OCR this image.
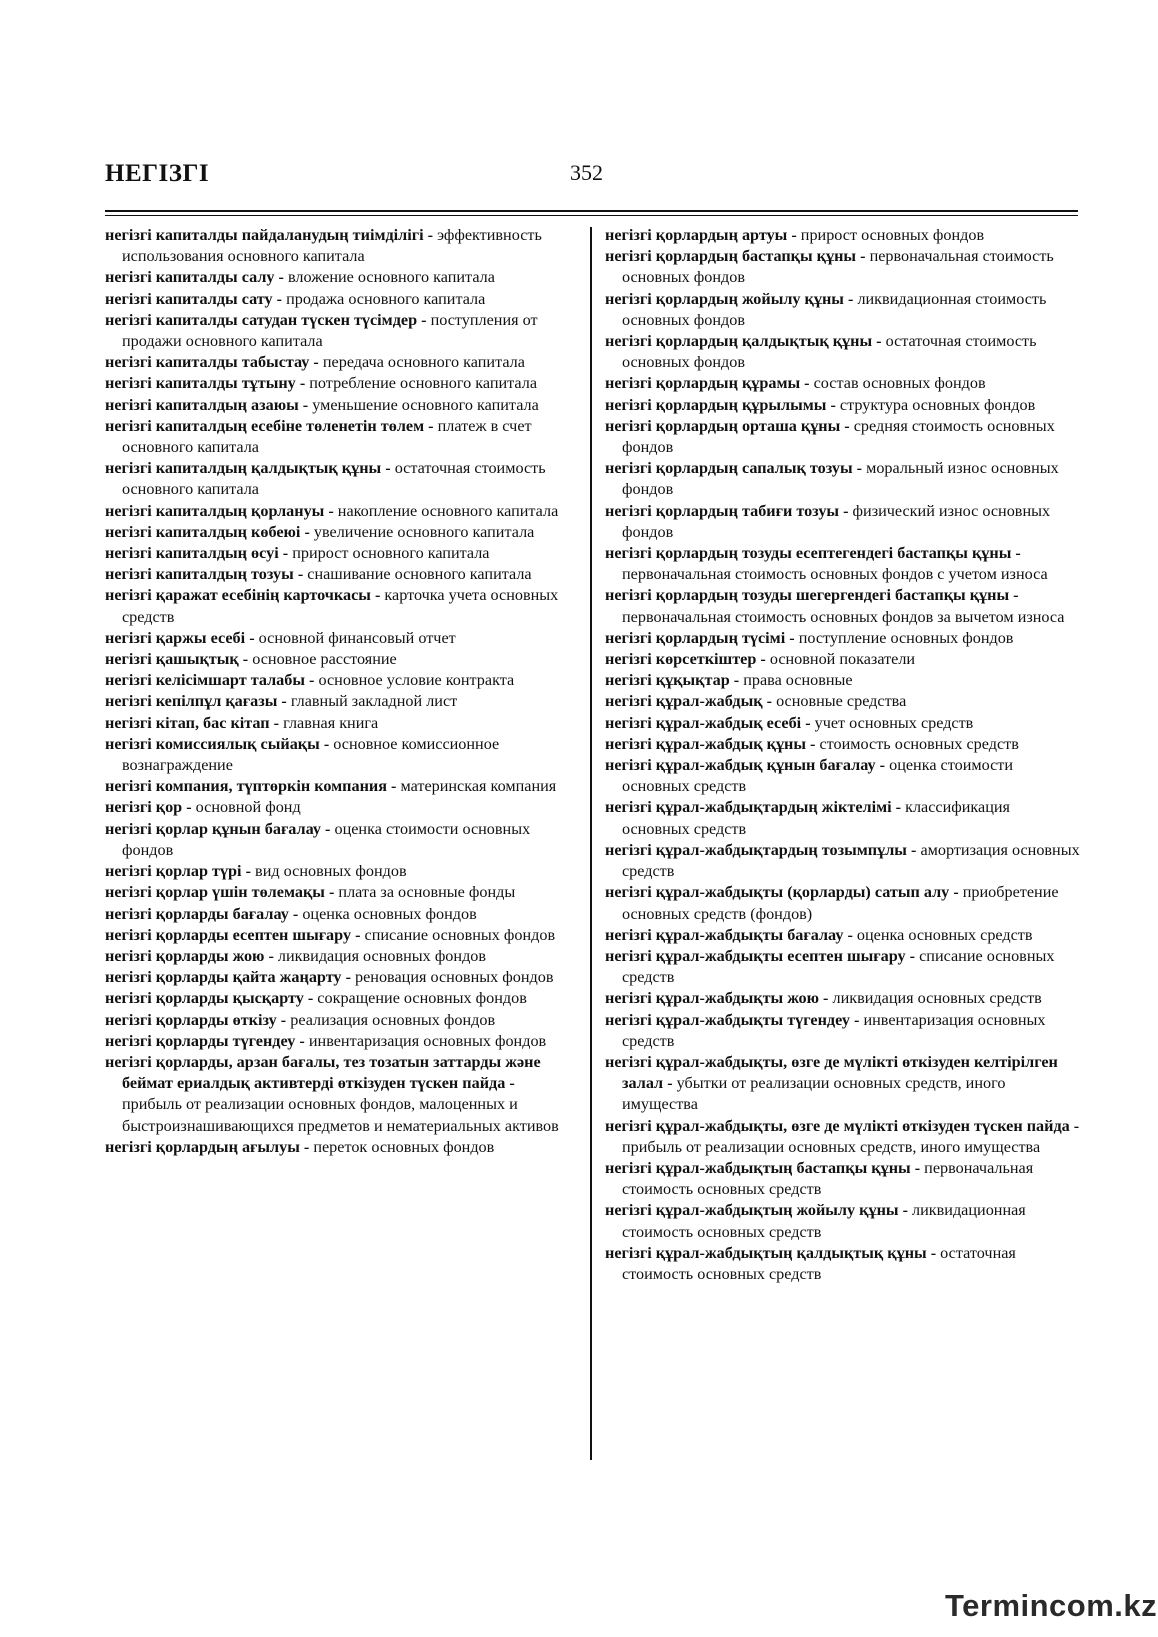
НЕГІЗГІ	352

негізгі капиталды пайдаланудың тиімділігі - эффективность использования основного капитала

негізгі капиталды салу - вложение основного капитала

негізгі капиталды сату - продажа основного капитала

негізгі капиталды сатудан түскен түсімдер - поступления от продажи основного капитала

негізгі капиталды табыстау - передача основного капитала

негізгі капиталды тұтыну - потребление основного капитала

негізгі капиталдың азаюы - уменьшение основного капитала

негізгі капиталдың есебіне төленетін төлем - платеж в счет основного капитала

негізгі капиталдың қалдықтық құны - остаточная стоимость основного капитала

негізгі капиталдың қорлануы - накопление основного капитала

негізгі капиталдың көбеюі - увеличение основного капитала

негізгі капиталдың өсуі - прирост основного капитала

негізгі капиталдың тозуы - снашивание основного капитала

негізгі қаражат есебінің карточкасы - карточка учета основных средств

негізгі қаржы есебі - основной финансовый отчет

негізгі қашықтық - основное расстояние

негізгі келісімшарт талабы - основное условие контракта

негізгі кепілпұл қағазы - главный закладной лист

негізгі кітап, бас кітап - главная книга

негізгі комиссиялық сыйақы - основное комиссионное вознаграждение

негізгі компания, түптөркін компания - материнская компания

негізгі қор - основной фонд

негізгі қорлар құнын бағалау - оценка стоимости основных фондов

негізгі қорлар түрі - вид основных фондов

негізгі қорлар үшін төлемақы - плата за основные фонды

негізгі қорларды бағалау - оценка основных фондов

негізгі қорларды есептен шығару - списание основных фондов

негізгі қорларды жою - ликвидация основных фондов

негізгі қорларды қайта жаңарту - реновация основных фондов

негізгі қорларды қысқарту - сокращение основных фондов

негізгі қорларды өткізу - реализация основных фондов

негізгі қорларды түгендеу - инвентаризация основных фондов

негізгі қорларды, арзан бағалы, тез тозатын заттарды және беймат ериалдық активтерді өткізуден түскен пайда - прибыль от реализации основных фондов, малоценных и быстроизнашивающихся предметов и нематериальных активов

негізгі қорлардың ағылуы - переток основных фондов

негізгі қорлардың артуы - прирост основных фондов

негізгі қорлардың бастапқы құны - первоначальная стоимость основных фондов

негізгі қорлардың жойылу құны - ликвидационная стоимость основных фондов

негізгі қорлардың қалдықтық құны - остаточная стоимость основных фондов

негізгі қорлардың құрамы - состав основных фондов

негізгі қорлардың құрылымы - структура основных фондов

негізгі қорлардың орташа құны - средняя стоимость основных фондов

негізгі қорлардың сапалық тозуы - моральный износ основных фондов

негізгі қорлардың табиғи тозуы - физический износ основных фондов

негізгі қорлардың тозуды есептегендегі бастапқы құны - первоначальная стоимость основных фондов с учетом износа

негізгі қорлардың тозуды шегергендегі бастапқы құны - первоначальная стоимость основных фондов за вычетом износа

негізгі қорлардың түсімі - поступление основных фондов

негізгі көрсеткіштер - основной показатели

негізгі құқықтар - права основные

негізгі құрал-жабдық - основные средства

негізгі құрал-жабдық есебі - учет основных средств

негізгі құрал-жабдық құны - стоимость основных средств

негізгі құрал-жабдық құнын бағалау - оценка стоимости основных средств

негізгі құрал-жабдықтардың жіктелімі - классификация основных средств

негізгі құрал-жабдықтардың тозымпұлы - амортизация основных средств

негізгі құрал-жабдықты (қорларды) сатып алу - приобретение основных средств (фондов)

негізгі құрал-жабдықты бағалау - оценка основных средств

негізгі құрал-жабдықты есептен шығару - списание основных средств

негізгі құрал-жабдықты жою - ликвидация основных средств

негізгі құрал-жабдықты түгендеу - инвентаризация основных средств

негізгі құрал-жабдықты, өзге де мүлікті өткізуден келтірілген залал - убытки от реализации основных средств, иного имущества

негізгі құрал-жабдықты, өзге де мүлікті өткізуден түскен пайда - прибыль от реализации основных средств, иного имущества

негізгі құрал-жабдықтың бастапқы құны - первоначальная стоимость основных средств

негізгі құрал-жабдықтың жойылу құны - ликвидационная стоимость основных средств

негізгі құрал-жабдықтың қалдықтық құны - остаточная стоимость основных средств

Termincom.kz
